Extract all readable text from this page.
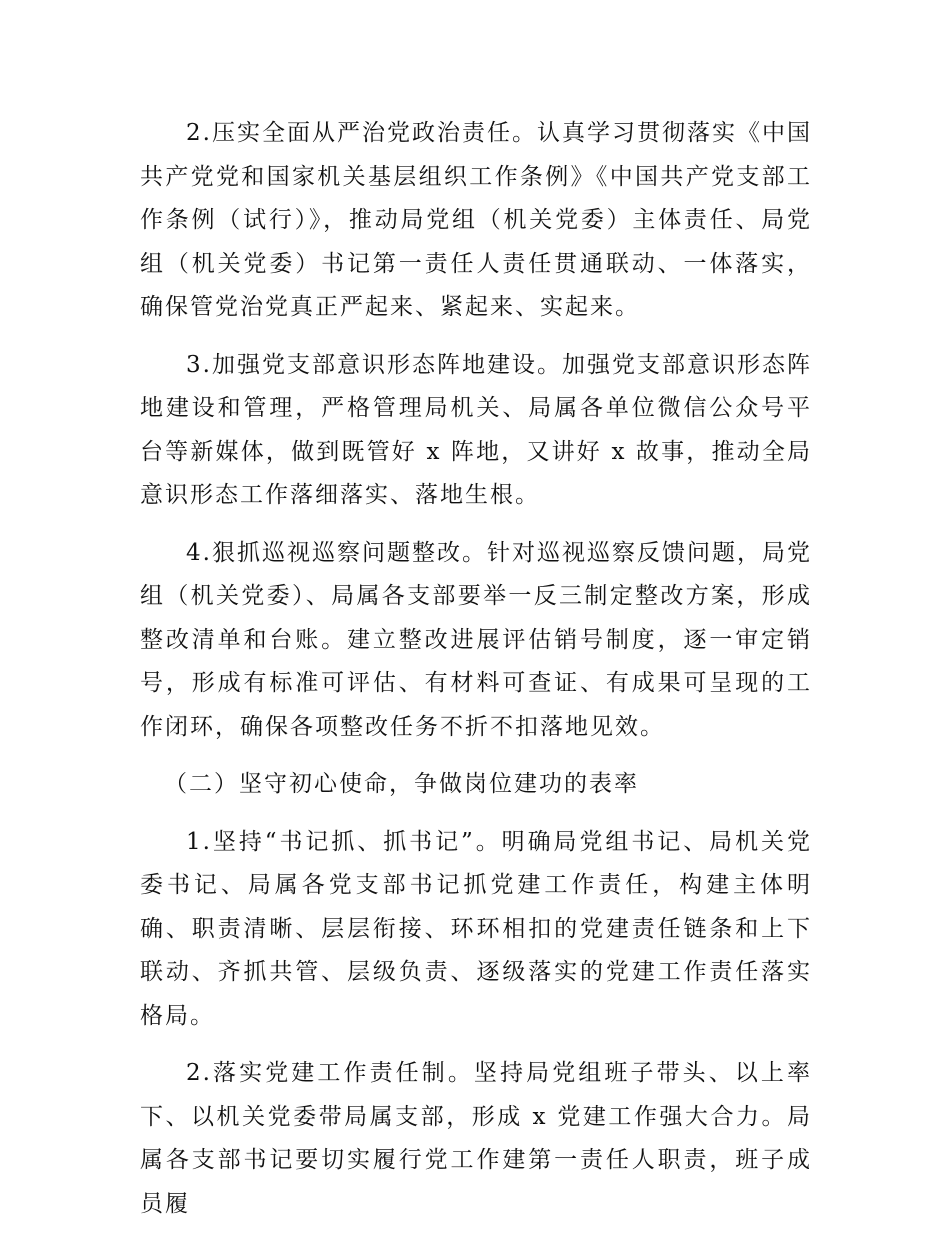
2.压实全面从严治党政治责任。认真学习贯彻落实《中国共产党党和国家机关基层组织工作条例》《中国共产党支部工作条例（试行）》，推动局党组（机关党委）主体责任、局党组（机关党委）书记第一责任人责任贯通联动、一体落实，确保管党治党真正严起来、紧起来、实起来。

3.加强党支部意识形态阵地建设。加强党支部意识形态阵地建设和管理，严格管理局机关、局属各单位微信公众号平台等新媒体，做到既管好 x 阵地，又讲好 x 故事，推动全局意识形态工作落细落实、落地生根。

4.狠抓巡视巡察问题整改。针对巡视巡察反馈问题，局党组（机关党委）、局属各支部要举一反三制定整改方案，形成整改清单和台账。建立整改进展评估销号制度，逐一审定销号，形成有标准可评估、有材料可查证、有成果可呈现的工作闭环，确保各项整改任务不折不扣落地见效。

（二）坚守初心使命，争做岗位建功的表率

1.坚持“书记抓、抓书记”。明确局党组书记、局机关党委书记、局属各党支部书记抓党建工作责任，构建主体明确、职责清晰、层层衔接、环环相扣的党建责任链条和上下联动、齐抓共管、层级负责、逐级落实的党建工作责任落实格局。

2.落实党建工作责任制。坚持局党组班子带头、以上率下、以机关党委带局属支部，形成 x 党建工作强大合力。局属各支部书记要切实履行党工作建第一责任人职责，班子成员履
